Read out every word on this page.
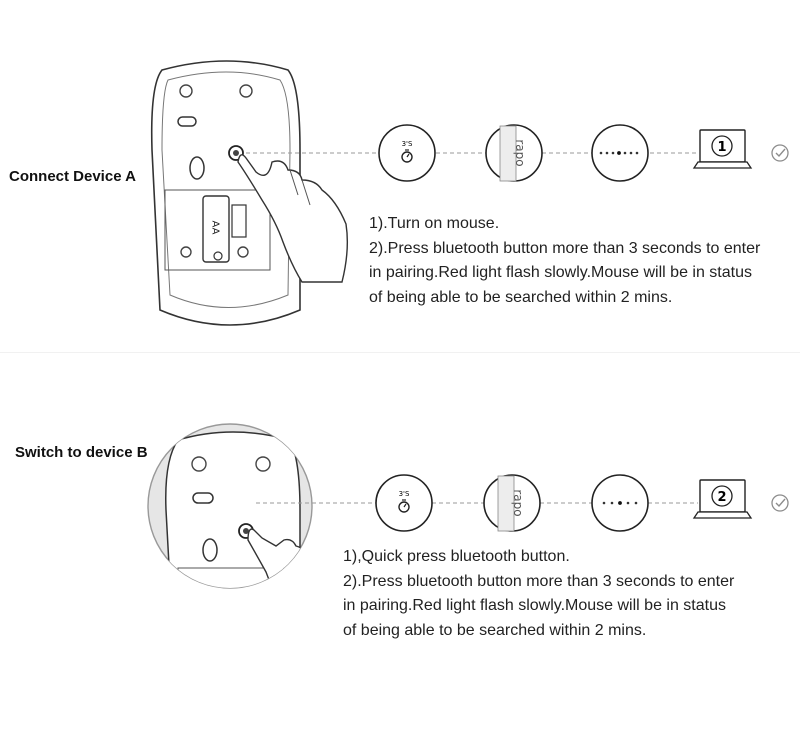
Connect Device A
3'S	rapo	1
AA	1).Turn on mouse.
2).Press bluetooth button more than 3 seconds to enter
in pairing.Red light flash slowly.Mouse will be in status
of being able to be searched within 2 mins.
Switch to device B
3'S	rapo	2
1),Quick press bluetooth button.
2).Press bluetooth button more than 3 seconds to enter
in pairing.Red light flash slowly.Mouse will be in status
of being able to be searched within 2 mins.
